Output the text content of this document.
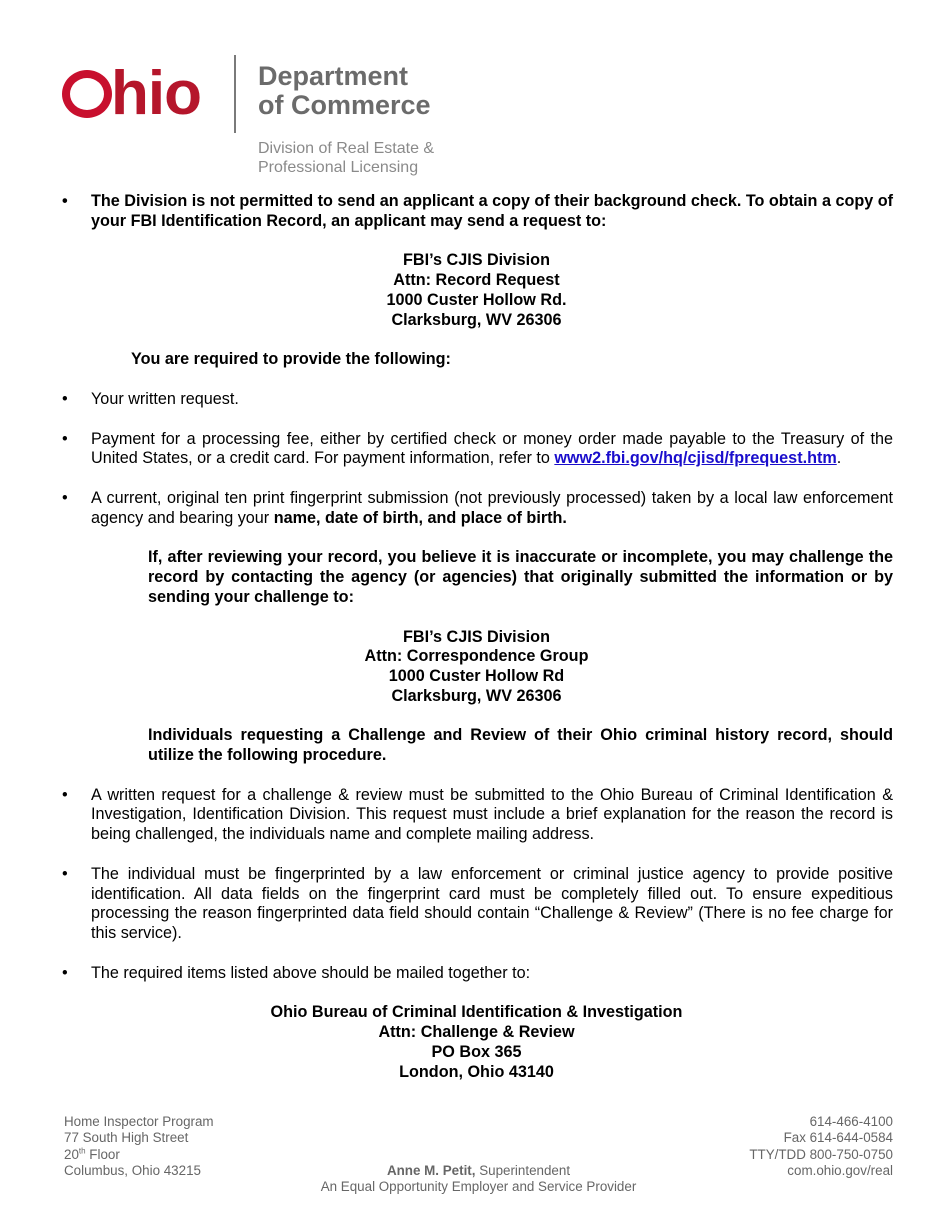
hio Department
of Commerce
Division of Real Estate &
Professional Licensing
• The Division is not permitted to send an applicant a copy of their background check. To obtain a copy of your FBI Identification Record, an applicant may send a request to:
FBI’s CJIS Division
Attn: Record Request
1000 Custer Hollow Rd.
Clarksburg, WV 26306
You are required to provide the following:
• Your written request.
• Payment for a processing fee, either by certified check or money order made payable to the Treasury of the United States, or a credit card. For payment information, refer to www2.fbi.gov/hq/cjisd/fprequest.htm.
• A current, original ten print fingerprint submission (not previously processed) taken by a local law enforcement agency and bearing your name, date of birth, and place of birth.
If, after reviewing your record, you believe it is inaccurate or incomplete, you may challenge the record by contacting the agency (or agencies) that originally submitted the information or by sending your challenge to:
FBI’s CJIS Division
Attn: Correspondence Group
1000 Custer Hollow Rd
Clarksburg, WV 26306
Individuals requesting a Challenge and Review of their Ohio criminal history record, should utilize the following procedure.
• A written request for a challenge & review must be submitted to the Ohio Bureau of Criminal Identification & Investigation, Identification Division. This request must include a brief explanation for the reason the record is being challenged, the individuals name and complete mailing address.
• The individual must be fingerprinted by a law enforcement or criminal justice agency to provide positive identification. All data fields on the fingerprint card must be completely filled out. To ensure expeditious processing the reason fingerprinted data field should contain “Challenge & Review” (There is no fee charge for this service).
• The required items listed above should be mailed together to:
Ohio Bureau of Criminal Identification & Investigation
Attn: Challenge & Review
PO Box 365
London, Ohio 43140
Home Inspector Program
77 South High Street
20th Floor
Columbus, Ohio 43215
614-466-4100
Fax 614-644-0584
TTY/TDD 800-750-0750
com.ohio.gov/real
Anne M. Petit, Superintendent
An Equal Opportunity Employer and Service Provider
